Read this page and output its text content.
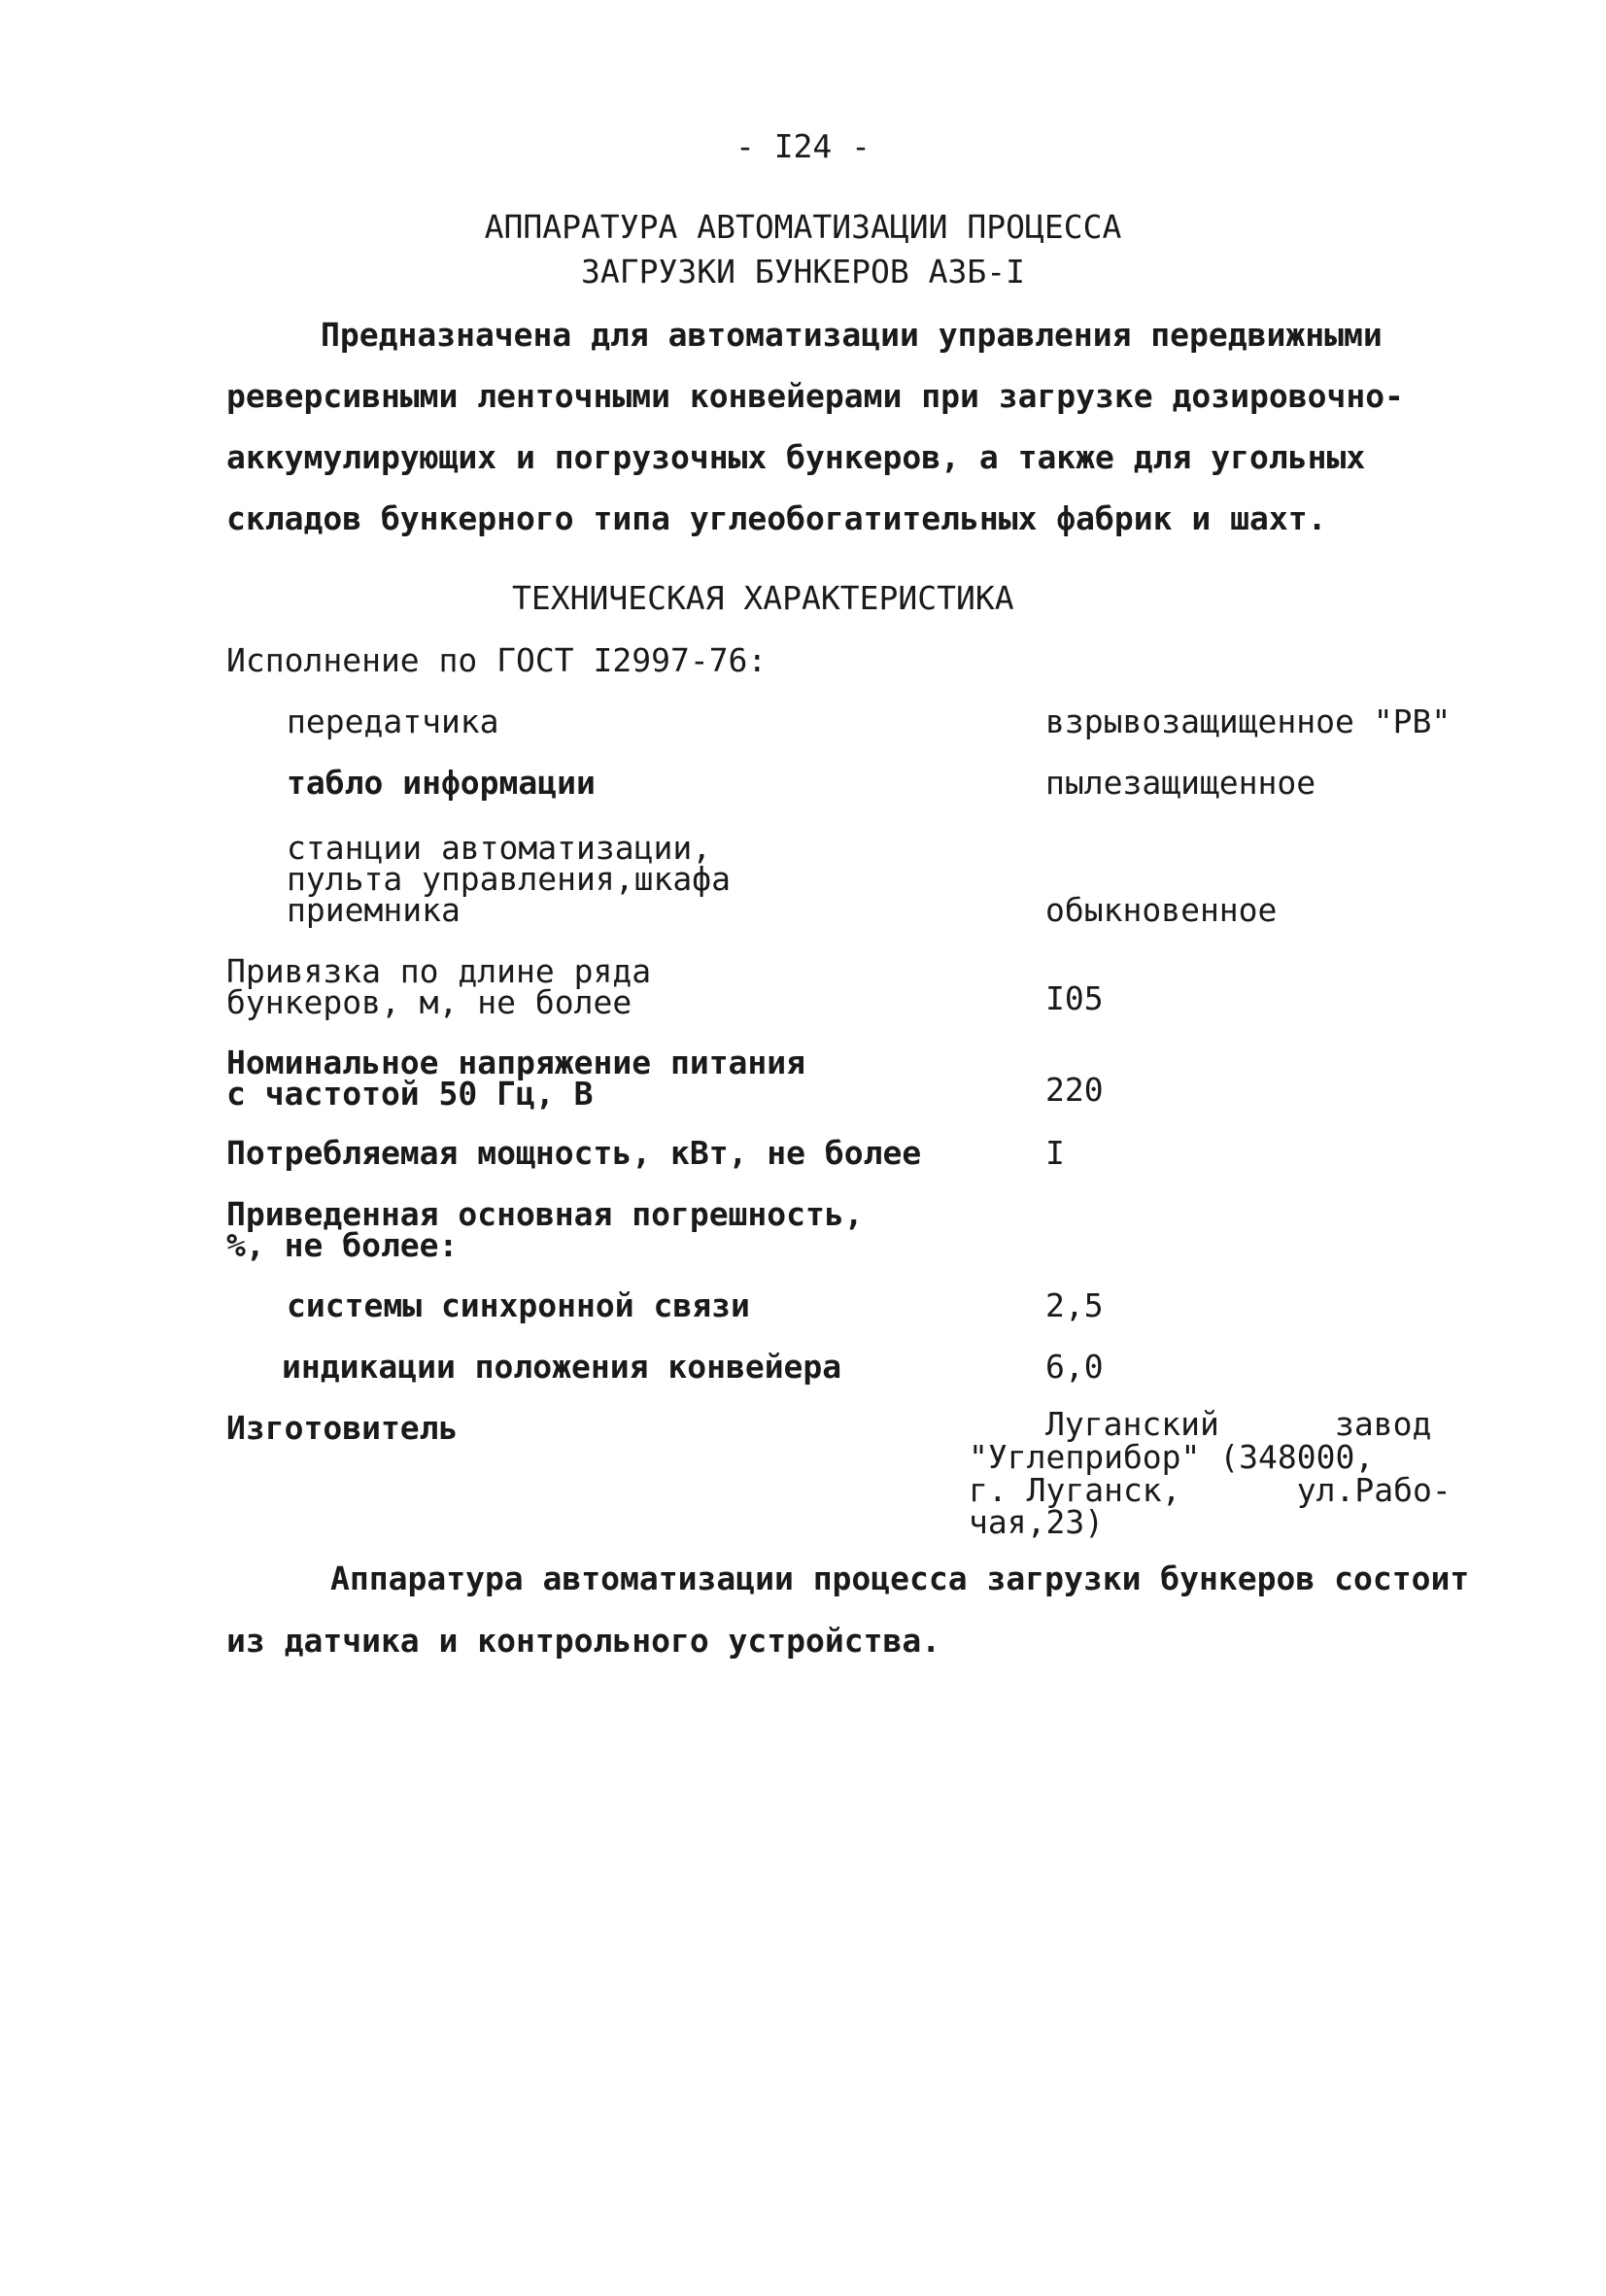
- I24 -
АППАРАТУРА АВТОМАТИЗАЦИИ ПРОЦЕССА
ЗАГРУЗКИ БУНКЕРОВ АЗБ-I
Предназначена для автоматизации управления передвижными
реверсивными ленточными конвейерами при загрузке дозировочно-
аккумулирующих и погрузочных бункеров, а также для угольных
складов бункерного типа углеобогатительных фабрик и шахт.
ТЕХНИЧЕСКАЯ ХАРАКТЕРИСТИКА
Исполнение по ГОСТ I2997-76:
передатчика	взрывозащищенное "РВ"
табло информации	пылезащищенное
станции автоматизации,
пульта управления,шкафа
приемника	обыкновенное
Привязка по длине ряда
бункеров, м, не более	I05
Номинальное напряжение питания
с частотой 50 Гц, В	220
Потребляемая мощность, кВт, не более	I
Приведенная основная погрешность,
%, не более:
системы синхронной связи	2,5
индикации положения конвейера	6,0
Изготовитель	Луганский      завод
"Углеприбор" (348000,
г. Луганск,      ул.Рабо-
чая,23)
Аппаратура автоматизации процесса загрузки бункеров состоит
из датчика и контрольного устройства.
